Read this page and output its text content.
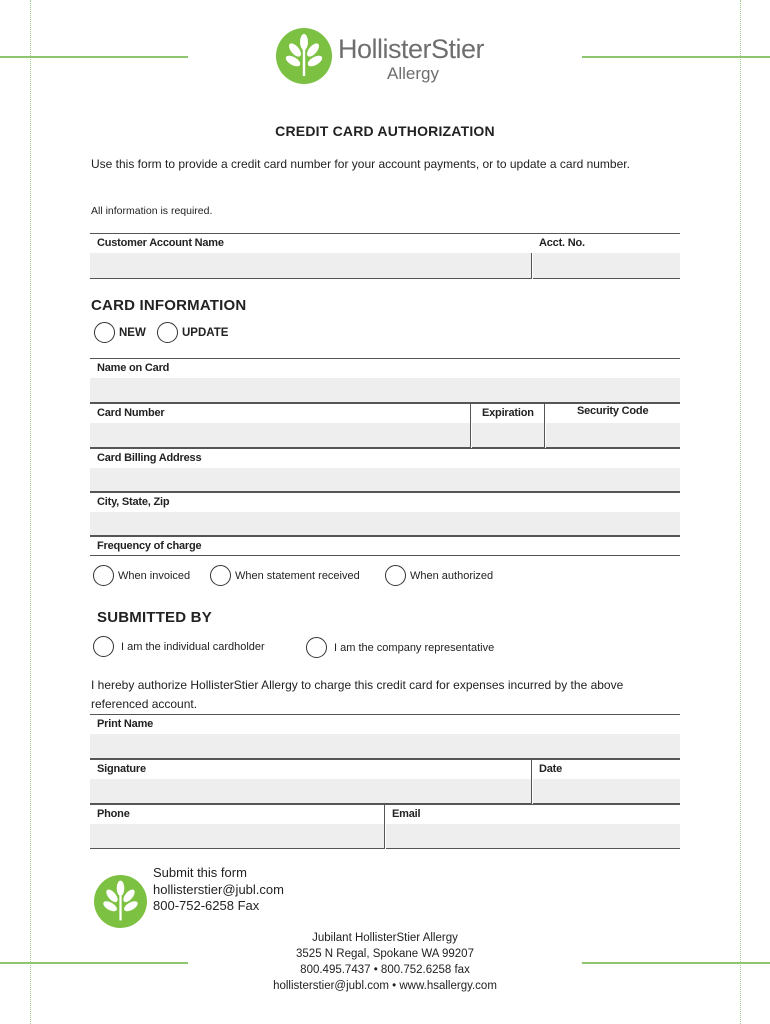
HollisterStier
Allergy
CREDIT CARD AUTHORIZATION
Use this form to provide a credit card number for your account payments, or to update a card number.
All information is required.
Customer Account Name	Acct. No.
CARD INFORMATION
NEW	UPDATE
Name on Card
Card Number	Expiration	Security Code
Card Billing Address
City, State, Zip
Frequency of charge
When invoiced	When statement received	When authorized
SUBMITTED BY
I am the individual cardholder	I am the company representative
I hereby authorize HollisterStier Allergy to charge this credit card for expenses incurred by the above referenced account.
Print Name
Signature	Date
Phone	Email
Submit this form
hollisterstier@jubl.com
800-752-6258 Fax
Jubilant HollisterStier Allergy
3525 N Regal, Spokane WA 99207
800.495.7437 • 800.752.6258 fax
hollisterstier@jubl.com • www.hsallergy.com
